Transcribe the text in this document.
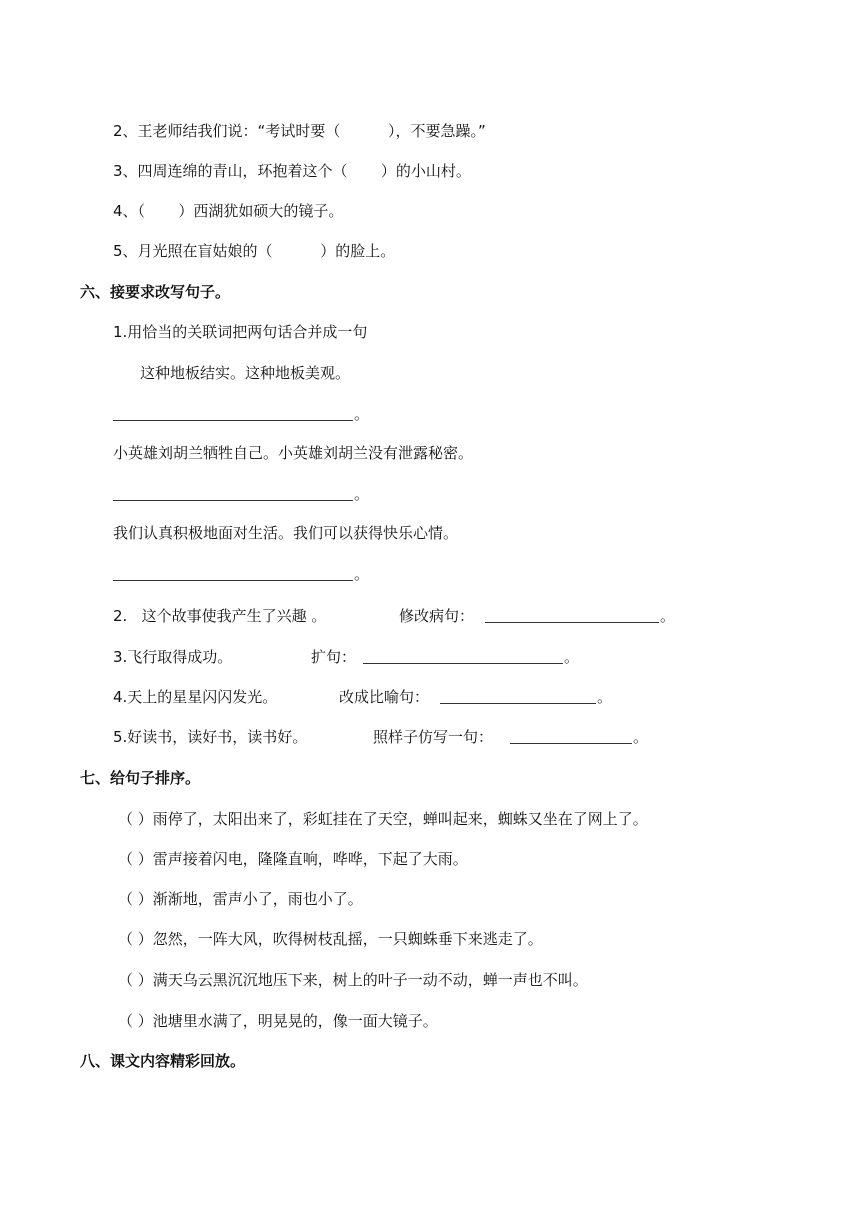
2、王老师结我们说：“考试时要（          ），不要急躁。”
3、四周连绵的青山，环抱着这个（       ）的小山村。
4、（       ）西湖犹如硕大的镜子。
5、月光照在盲姑娘的（          ）的脸上。
六、接要求改写句子。
1.用恰当的关联词把两句话合并成一句
这种地板结实。这种地板美观。
。
小英雄刘胡兰牺牲自己。小英雄刘胡兰没有泄露秘密。
。
我们认真积极地面对生活。我们可以获得快乐心情。
。
2.   这个故事使我产生了兴趣 。	修改病句：	。
3.飞行取得成功。	扩句：	。
4.天上的星星闪闪发光。	改成比喻句：	。
5.好读书，读好书，读书好。	照样子仿写一句：	。
七、给句子排序。
（ ）雨停了，太阳出来了，彩虹挂在了天空，蝉叫起来，蜘蛛又坐在了网上了。
（ ）雷声接着闪电，隆隆直响，哗哗，下起了大雨。
（ ）渐渐地，雷声小了，雨也小了。
（ ）忽然，一阵大风，吹得树枝乱摇，一只蜘蛛垂下来逃走了。
（ ）满天乌云黑沉沉地压下来，树上的叶子一动不动，蝉一声也不叫。
（ ）池塘里水满了，明晃晃的，像一面大镜子。
八、课文内容精彩回放。
